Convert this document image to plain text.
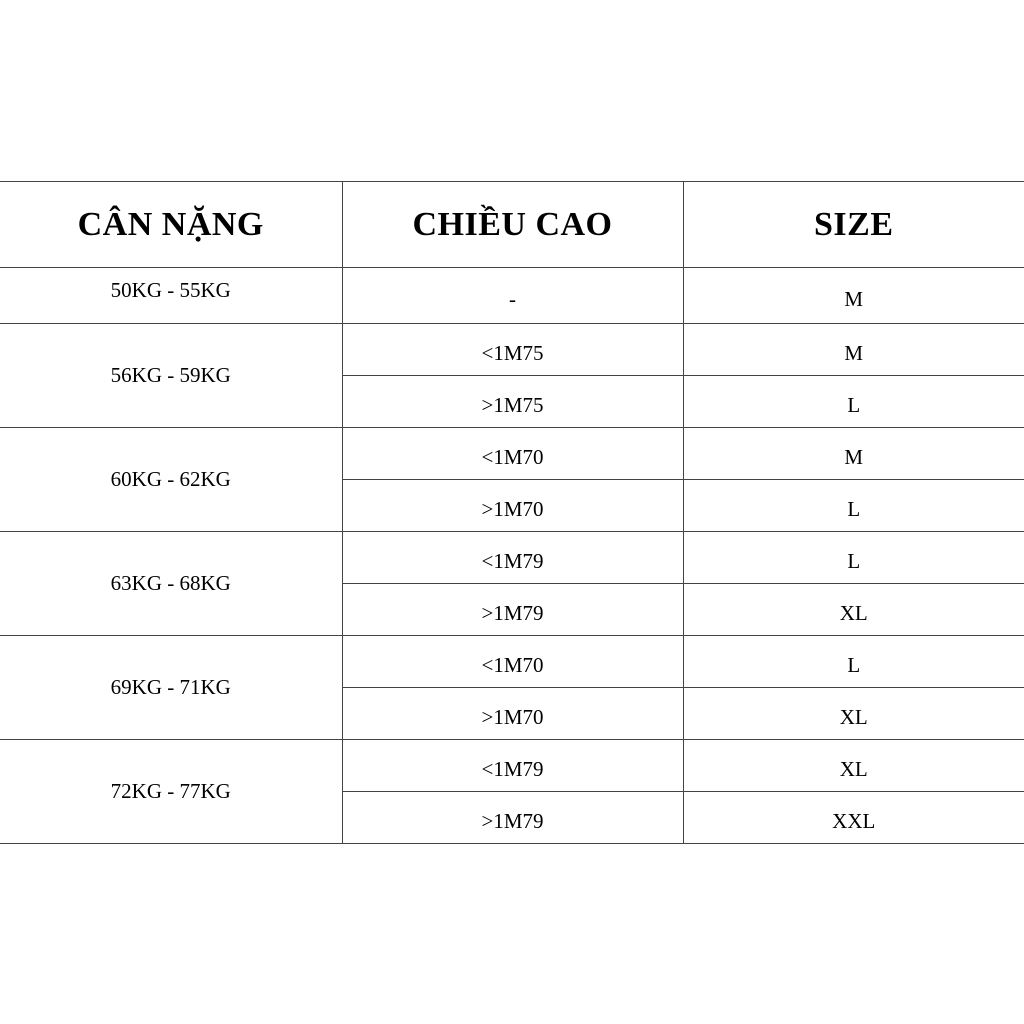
CÂN NẶNG	CHIỀU CAO	SIZE
50KG - 55KG	-	M
56KG - 59KG	<1M75	M
	>1M75	L
60KG - 62KG	<1M70	M
	>1M70	L
63KG - 68KG	<1M79	L
	>1M79	XL
69KG - 71KG	<1M70	L
	>1M70	XL
72KG - 77KG	<1M79	XL
	>1M79	XXL
